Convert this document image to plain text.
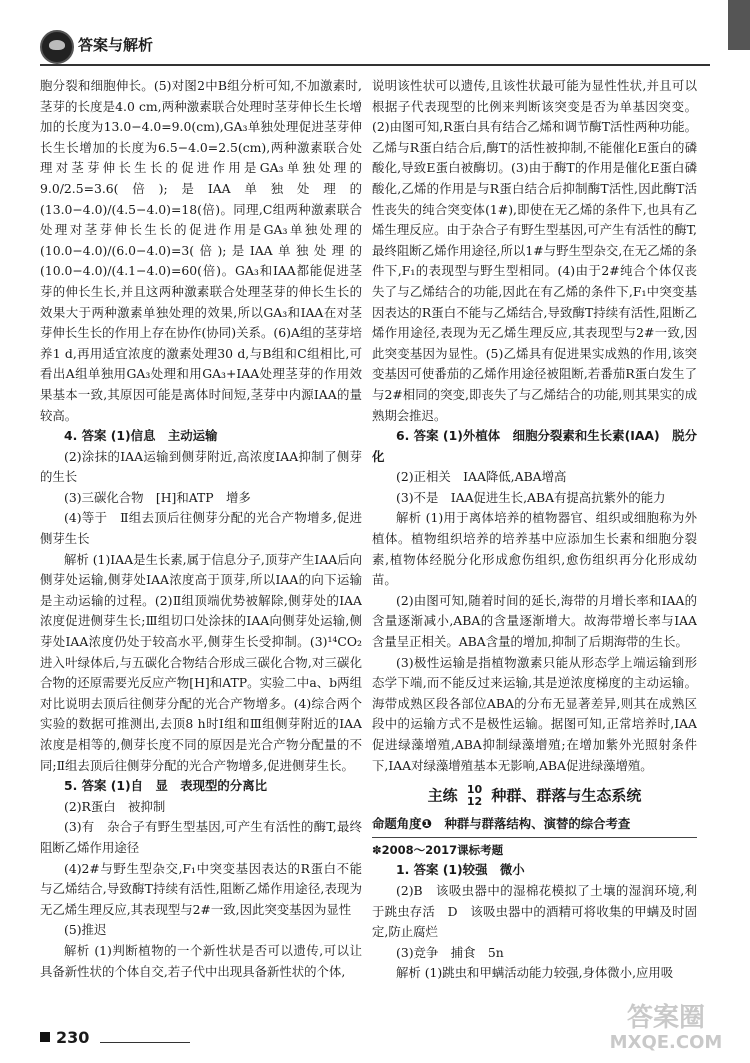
答案与解析

胞分裂和细胞伸长。(5)对图2中B组分析可知,不加激素时,茎芽的长度是4.0 cm,两种激素联合处理时茎芽伸长生长增加的长度为13.0−4.0=9.0(cm),GA₃单独处理促进茎芽伸长生长增加的长度为6.5−4.0=2.5(cm),两种激素联合处理对茎芽伸长生长的促进作用是GA₃单独处理的9.0/2.5=3.6(倍);是IAA单独处理的(13.0−4.0)/(4.5−4.0)=18(倍)。同理,C组两种激素联合处理对茎芽伸长生长的促进作用是GA₃单独处理的(10.0−4.0)/(6.0−4.0)=3(倍);是IAA单独处理的(10.0−4.0)/(4.1−4.0)=60(倍)。GA₃和IAA都能促进茎芽的伸长生长,并且这两种激素联合处理茎芽的伸长生长的效果大于两种激素单独处理的效果,所以GA₃和IAA在对茎芽伸长生长的作用上存在协作(协同)关系。(6)A组的茎芽培养1 d,再用适宜浓度的激素处理30 d,与B组和C组相比,可看出A组单独用GA₃处理和用GA₃+IAA处理茎芽的作用效果基本一致,其原因可能是离体时间短,茎芽中内源IAA的量较高。

4. 答案 (1)信息　主动运输

(2)涂抹的IAA运输到侧芽附近,高浓度IAA抑制了侧芽的生长

(3)三碳化合物　[H]和ATP　增多

(4)等于　Ⅱ组去顶后往侧芽分配的光合产物增多,促进侧芽生长

解析 (1)IAA是生长素,属于信息分子,顶芽产生IAA后向侧芽处运输,侧芽处IAA浓度高于顶芽,所以IAA的向下运输是主动运输的过程。(2)Ⅱ组顶端优势被解除,侧芽处的IAA浓度促进侧芽生长;Ⅲ组切口处涂抹的IAA向侧芽处运输,侧芽处IAA浓度仍处于较高水平,侧芽生长受抑制。(3)¹⁴CO₂进入叶绿体后,与五碳化合物结合形成三碳化合物,对三碳化合物的还原需要光反应产物[H]和ATP。实验二中a、b两组对比说明去顶后往侧芽分配的光合产物增多。(4)综合两个实验的数据可推测出,去顶8 h时Ⅰ组和Ⅲ组侧芽附近的IAA浓度是相等的,侧芽长度不同的原因是光合产物分配量的不同;Ⅱ组去顶后往侧芽分配的光合产物增多,促进侧芽生长。

5. 答案 (1)自　显　表现型的分离比

(2)R蛋白　被抑制

(3)有　杂合子有野生型基因,可产生有活性的酶T,最终阻断乙烯作用途径

(4)2#与野生型杂交,F₁中突变基因表达的R蛋白不能与乙烯结合,导致酶T持续有活性,阻断乙烯作用途径,表现为无乙烯生理反应,其表现型与2#一致,因此突变基因为显性

(5)推迟

解析 (1)判断植物的一个新性状是否可以遗传,可以让具备新性状的个体自交,若子代中出现具备新性状的个体,

说明该性状可以遗传,且该性状最可能为显性性状,并且可以根据子代表现型的比例来判断该突变是否为单基因突变。(2)由图可知,R蛋白具有结合乙烯和调节酶T活性两种功能。乙烯与R蛋白结合后,酶T的活性被抑制,不能催化E蛋白的磷酸化,导致E蛋白被酶切。(3)由于酶T的作用是催化E蛋白磷酸化,乙烯的作用是与R蛋白结合后抑制酶T活性,因此酶T活性丧失的纯合突变体(1#),即使在无乙烯的条件下,也具有乙烯生理反应。由于杂合子有野生型基因,可产生有活性的酶T,最终阻断乙烯作用途径,所以1#与野生型杂交,在无乙烯的条件下,F₁的表现型与野生型相同。(4)由于2#纯合个体仅丧失了与乙烯结合的功能,因此在有乙烯的条件下,F₁中突变基因表达的R蛋白不能与乙烯结合,导致酶T持续有活性,阻断乙烯作用途径,表现为无乙烯生理反应,其表现型与2#一致,因此突变基因为显性。(5)乙烯具有促进果实成熟的作用,该突变基因可使番茄的乙烯作用途径被阻断,若番茄R蛋白发生了与2#相同的突变,即丧失了与乙烯结合的功能,则其果实的成熟期会推迟。

6. 答案 (1)外植体　细胞分裂素和生长素(IAA)　脱分化

(2)正相关　IAA降低,ABA增高

(3)不是　IAA促进生长,ABA有提高抗紫外的能力

解析 (1)用于离体培养的植物器官、组织或细胞称为外植体。植物组织培养的培养基中应添加生长素和细胞分裂素,植物体经脱分化形成愈伤组织,愈伤组织再分化形成幼苗。

(2)由图可知,随着时间的延长,海带的月增长率和IAA的含量逐渐减小,ABA的含量逐渐增大。故海带增长率与IAA含量呈正相关。ABA含量的增加,抑制了后期海带的生长。

(3)极性运输是指植物激素只能从形态学上端运输到形态学下端,而不能反过来运输,其是逆浓度梯度的主动运输。海带成熟区段各部位ABA的分布无显著差异,则其在成熟区段中的运输方式不是极性运输。据图可知,正常培养时,IAA促进绿藻增殖,ABA抑制绿藻增殖;在增加紫外光照射条件下,IAA对绿藻增殖基本无影响,ABA促进绿藻增殖。

主练 10
12 种群、群落与生态系统
命题角度❶　种群与群落结构、演替的综合考查
✽2008～2017课标考题

1. 答案 (1)较强　微小

(2)B　该吸虫器中的湿棉花模拟了土壤的湿润环境,利于跳虫存活　D　该吸虫器中的酒精可将收集的甲螨及时固定,防止腐烂

(3)竞争　捕食　5n

解析 (1)跳虫和甲螨活动能力较强,身体微小,应用吸

230
答案圈
MXQE.COM
